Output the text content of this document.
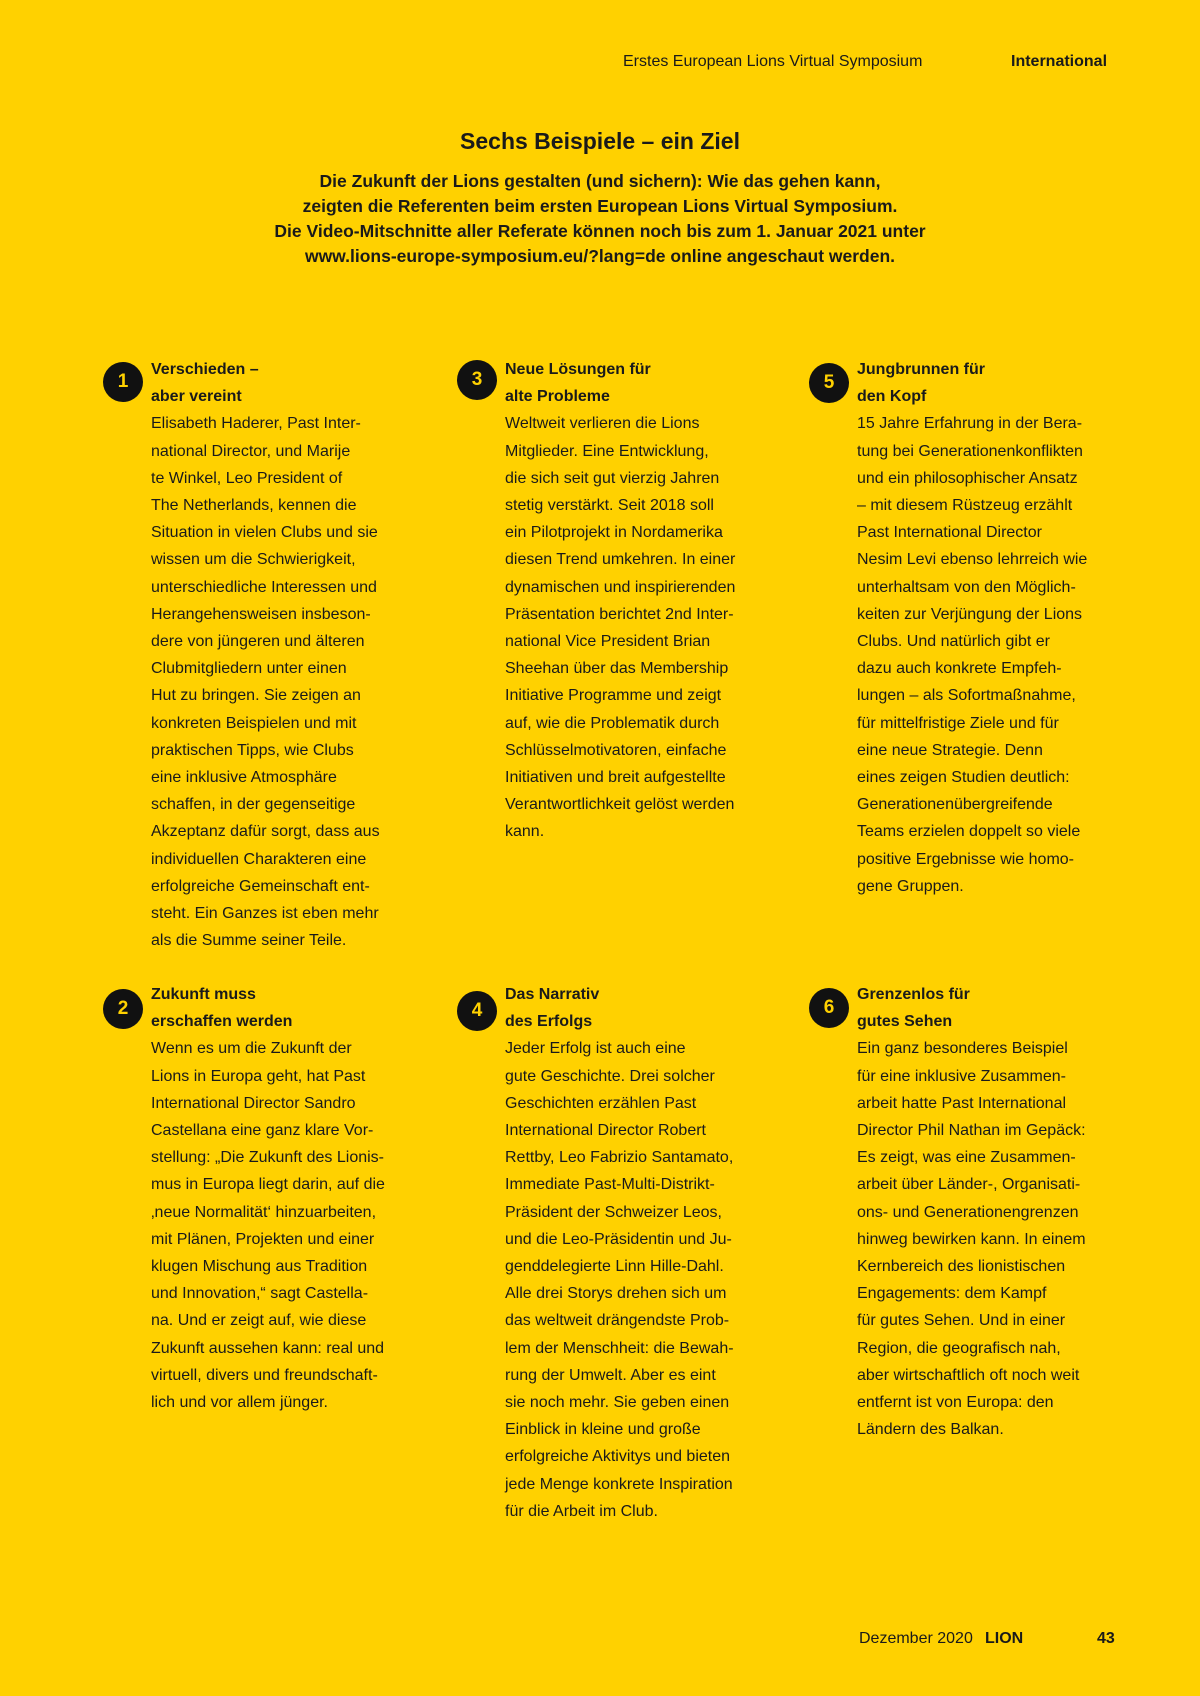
Erstes European Lions Virtual Symposium	International
Sechs Beispiele – ein Ziel
Die Zukunft der Lions gestalten (und sichern): Wie das gehen kann,
zeigten die Referenten beim ersten European Lions Virtual Symposium.
Die Video-Mitschnitte aller Referate können noch bis zum 1. Januar 2021 unter
www.lions-europe-symposium.eu/?lang=de online angeschaut werden.
1
Verschieden –
aber vereint

Elisabeth Haderer, Past Inter-
national Director, und Marije
te Winkel, Leo President of
The Netherlands, kennen die
Situation in vielen Clubs und sie
wissen um die Schwierigkeit,
unterschiedliche Interessen und
Herangehensweisen insbeson-
dere von jüngeren und älteren
Clubmitgliedern unter einen
Hut zu bringen. Sie zeigen an
konkreten Beispielen und mit
praktischen Tipps, wie Clubs
eine inklusive Atmosphäre
schaffen, in der gegenseitige
Akzeptanz dafür sorgt, dass aus
individuellen Charakteren eine
erfolgreiche Gemeinschaft ent-
steht. Ein Ganzes ist eben mehr
als die Summe seiner Teile.

2
Zukunft muss
erschaffen werden

Wenn es um die Zukunft der
Lions in Europa geht, hat Past
International Director Sandro
Castellana eine ganz klare Vor-
stellung: „Die Zukunft des Lionis-
mus in Europa liegt darin, auf die
‚neue Normalität‘ hinzuarbeiten,
mit Plänen, Projekten und einer
klugen Mischung aus Tradition
und Innovation,“ sagt Castella-
na. Und er zeigt auf, wie diese
Zukunft aussehen kann: real und
virtuell, divers und freundschaft-
lich und vor allem jünger.

3	Neue Lösungen für
alte Probleme

Weltweit verlieren die Lions
Mitglieder. Eine Entwicklung,
die sich seit gut vierzig Jahren
stetig verstärkt. Seit 2018 soll
ein Pilotprojekt in Nordamerika
diesen Trend umkehren. In einer
dynamischen und inspirierenden
Präsentation berichtet 2nd Inter-
national Vice President Brian
Sheehan über das Membership
Initiative Programme und zeigt
auf, wie die Problematik durch
Schlüsselmotivatoren, einfache
Initiativen und breit aufgestellte
Verantwortlichkeit gelöst werden
kann.

4
Das Narrativ
des Erfolgs

Jeder Erfolg ist auch eine
gute Geschichte. Drei solcher
Geschichten erzählen Past
International Director Robert
Rettby, Leo Fabrizio Santamato,
Immediate Past-Multi-Distrikt-
Präsident der Schweizer Leos,
und die Leo-Präsidentin und Ju-
genddelegierte Linn Hille-Dahl.
Alle drei Storys drehen sich um
das weltweit drängendste Prob-
lem der Menschheit: die Bewah-
rung der Umwelt. Aber es eint
sie noch mehr. Sie geben einen
Einblick in kleine und große
erfolgreiche Aktivitys und bieten
jede Menge konkrete Inspiration
für die Arbeit im Club.

5
Jungbrunnen für
den Kopf

15 Jahre Erfahrung in der Bera-
tung bei Generationenkonflikten
und ein philosophischer Ansatz
– mit diesem Rüstzeug erzählt
Past International Director
Nesim Levi ebenso lehrreich wie
unterhaltsam von den Möglich-
keiten zur Verjüngung der Lions
Clubs. Und natürlich gibt er
dazu auch konkrete Empfeh-
lungen – als Sofortmaßnahme,
für mittelfristige Ziele und für
eine neue Strategie. Denn
eines zeigen Studien deutlich:
Generationenübergreifende
Teams erzielen doppelt so viele
positive Ergebnisse wie homo-
gene Gruppen.

6
Grenzenlos für
gutes Sehen

Ein ganz besonderes Beispiel
für eine inklusive Zusammen-
arbeit hatte Past International
Director Phil Nathan im Gepäck:
Es zeigt, was eine Zusammen-
arbeit über Länder-, Organisati-
ons- und Generationengrenzen
hinweg bewirken kann. In einem
Kernbereich des lionistischen
Engagements: dem Kampf
für gutes Sehen. Und in einer
Region, die geografisch nah,
aber wirtschaftlich oft noch weit
entfernt ist von Europa: den
Ländern des Balkan.

Dezember 2020 LION	43
